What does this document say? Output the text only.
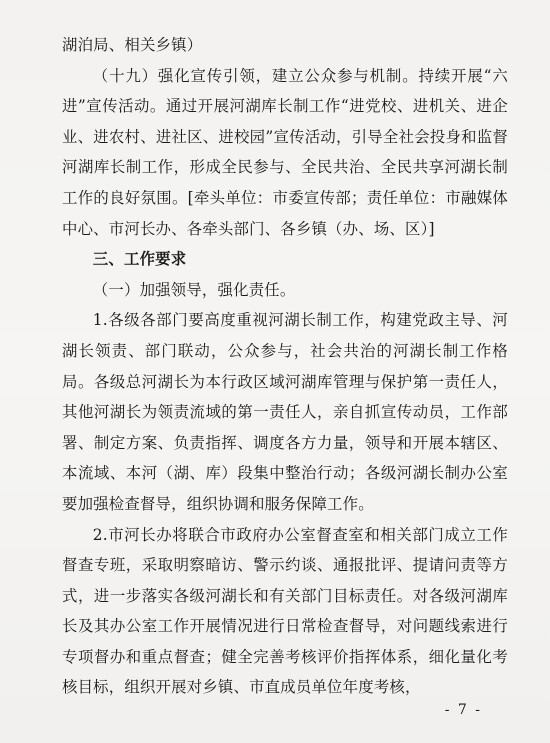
湖泊局、相关乡镇）

（十九）强化宣传引领，建立公众参与机制。持续开展“六进”宣传活动。通过开展河湖库长制工作“进党校、进机关、进企业、进农村、进社区、进校园”宣传活动，引导全社会投身和监督河湖库长制工作，形成全民参与、全民共治、全民共享河湖长制工作的良好氛围。[牵头单位：市委宣传部；责任单位：市融媒体中心、市河长办、各牵头部门、各乡镇（办、场、区）]

三、工作要求

（一）加强领导，强化责任。

1.各级各部门要高度重视河湖长制工作，构建党政主导、河湖长领责、部门联动，公众参与，社会共治的河湖长制工作格局。各级总河湖长为本行政区域河湖库管理与保护第一责任人，其他河湖长为领责流域的第一责任人，亲自抓宣传动员，工作部署、制定方案、负责指挥、调度各方力量，领导和开展本辖区、本流域、本河（湖、库）段集中整治行动；各级河湖长制办公室要加强检查督导，组织协调和服务保障工作。

2.市河长办将联合市政府办公室督查室和相关部门成立工作督查专班，采取明察暗访、警示约谈、通报批评、提请问责等方式，进一步落实各级河湖长和有关部门目标责任。对各级河湖库长及其办公室工作开展情况进行日常检查督导，对问题线索进行专项督办和重点督查；健全完善考核评价指挥体系，细化量化考核目标，组织开展对乡镇、市直成员单位年度考核，

- 7 -
